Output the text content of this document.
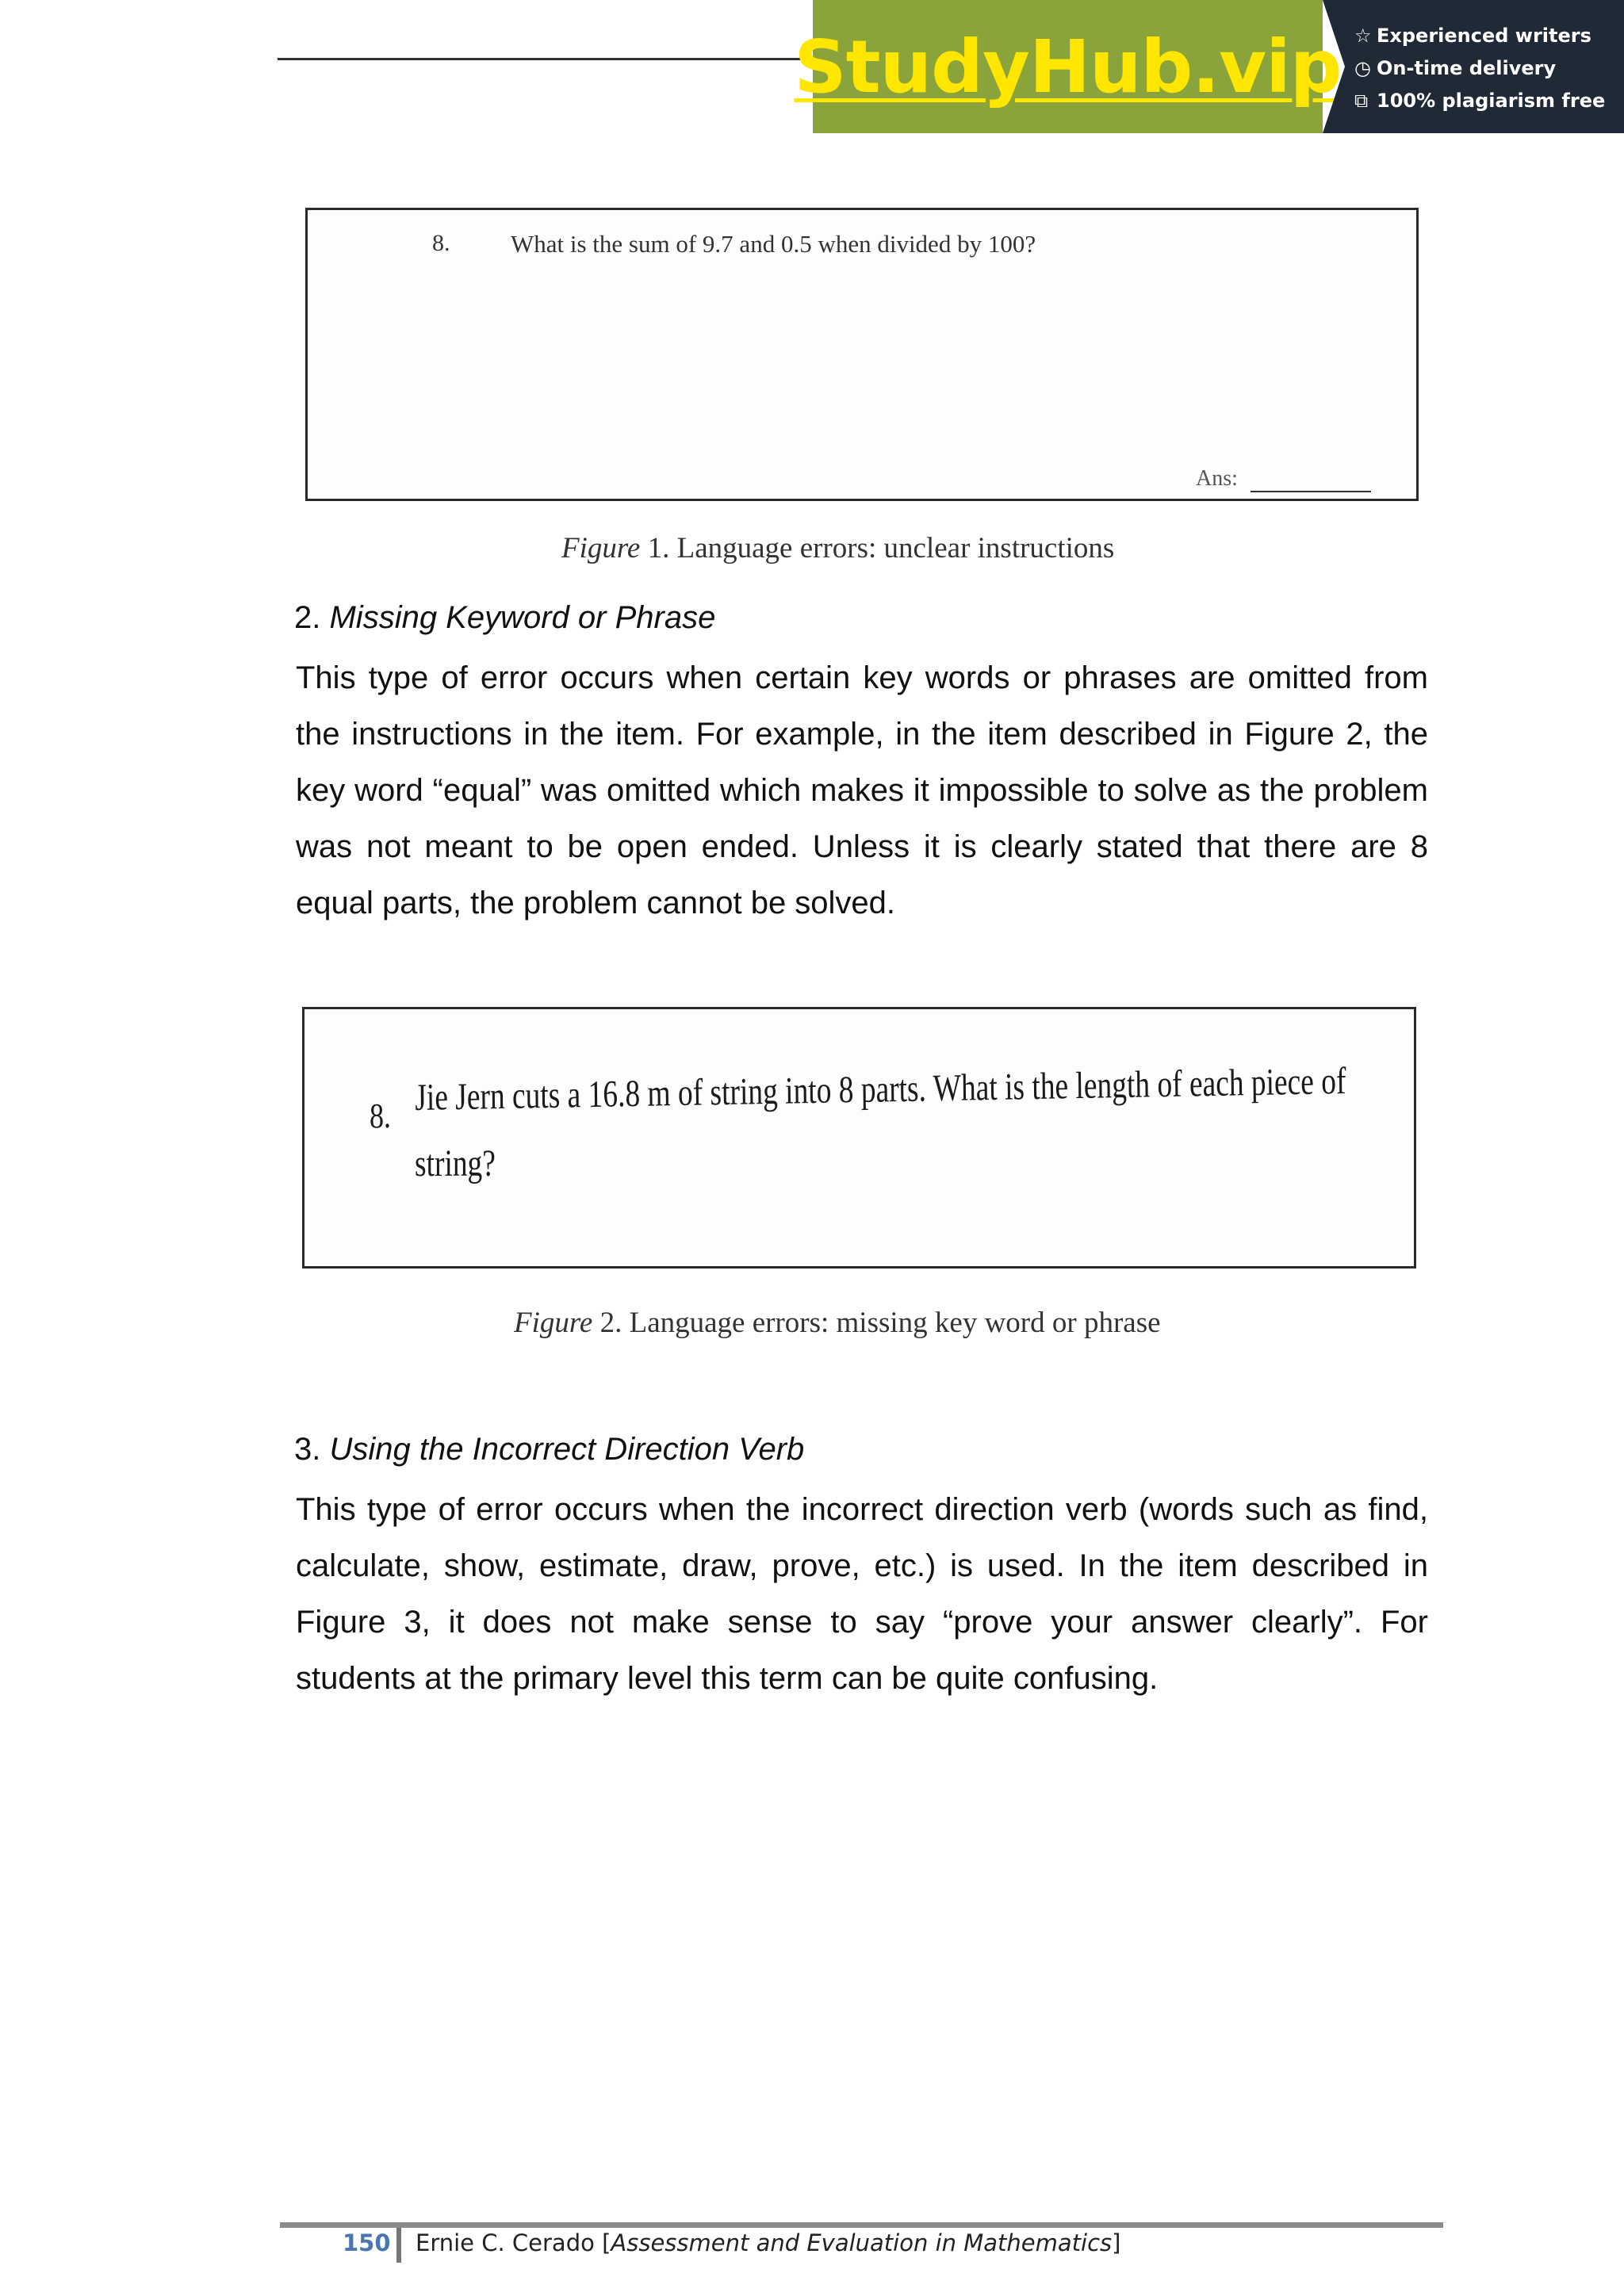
StudyHub.vip ☆ Experienced writers
◷ On-time delivery
⧉ 100% plagiarism free
8. What is the sum of 9.7 and 0.5 when divided by 100?
Ans:
Figure 1. Language errors: unclear instructions
2. Missing Keyword or Phrase
This type of error occurs when certain key words or phrases are omitted from the instructions in the item. For example, in the item described in Figure 2, the key word “equal” was omitted which makes it impossible to solve as the problem was not meant to be open ended. Unless it is clearly stated that there are 8 equal parts, the problem cannot be solved.
8. Jie Jern cuts a 16.8 m of string into 8 parts. What is the length of each piece of
string?
Figure 2. Language errors: missing key word or phrase
3. Using the Incorrect Direction Verb
This type of error occurs when the incorrect direction verb (words such as find, calculate, show, estimate, draw, prove, etc.) is used. In the item described in Figure 3, it does not make sense to say “prove your answer clearly”. For students at the primary level this term can be quite confusing.
150 Ernie C. Cerado [Assessment and Evaluation in Mathematics]
